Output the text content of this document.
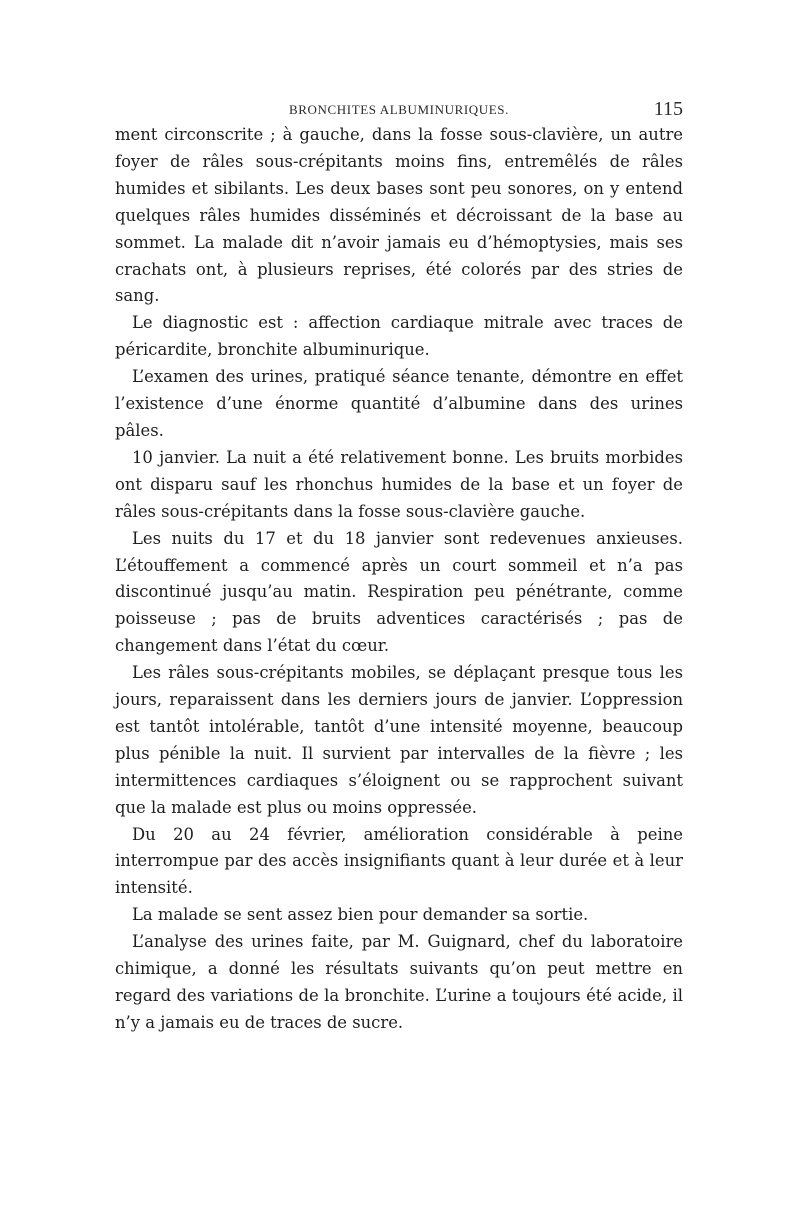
BRONCHITES ALBUMINURIQUES.	115

ment circonscrite ; à gauche, dans la fosse sous-clavière, un autre foyer de râles sous-crépitants moins fins, entremêlés de râles humides et sibilants. Les deux bases sont peu sonores, on y entend quelques râles humides disséminés et décroissant de la base au sommet. La malade dit n’avoir jamais eu d’hémoptysies, mais ses crachats ont, à plusieurs reprises, été colorés par des stries de sang.

Le diagnostic est : affection cardiaque mitrale avec traces de péricardite, bronchite albuminurique.

L’examen des urines, pratiqué séance tenante, démontre en effet l’existence d’une énorme quantité d’albumine dans des urines pâles.

10 janvier. La nuit a été relativement bonne. Les bruits morbides ont disparu sauf les rhonchus humides de la base et un foyer de râles sous-crépitants dans la fosse sous-clavière gauche.

Les nuits du 17 et du 18 janvier sont redevenues anxieuses. L’étouffement a commencé après un court sommeil et n’a pas discontinué jusqu’au matin. Respiration peu pénétrante, comme poisseuse ; pas de bruits adventices caractérisés ; pas de changement dans l’état du cœur.

Les râles sous-crépitants mobiles, se déplaçant presque tous les jours, reparaissent dans les derniers jours de janvier. L’oppression est tantôt intolérable, tantôt d’une intensité moyenne, beaucoup plus pénible la nuit. Il survient par intervalles de la fièvre ; les intermittences cardiaques s’éloignent ou se rapprochent suivant que la malade est plus ou moins oppressée.

Du 20 au 24 février, amélioration considérable à peine interrompue par des accès insignifiants quant à leur durée et à leur intensité.

La malade se sent assez bien pour demander sa sortie.

L’analyse des urines faite, par M. Guignard, chef du laboratoire chimique, a donné les résultats suivants qu’on peut mettre en regard des variations de la bronchite. L’urine a toujours été acide, il n’y a jamais eu de traces de sucre.
